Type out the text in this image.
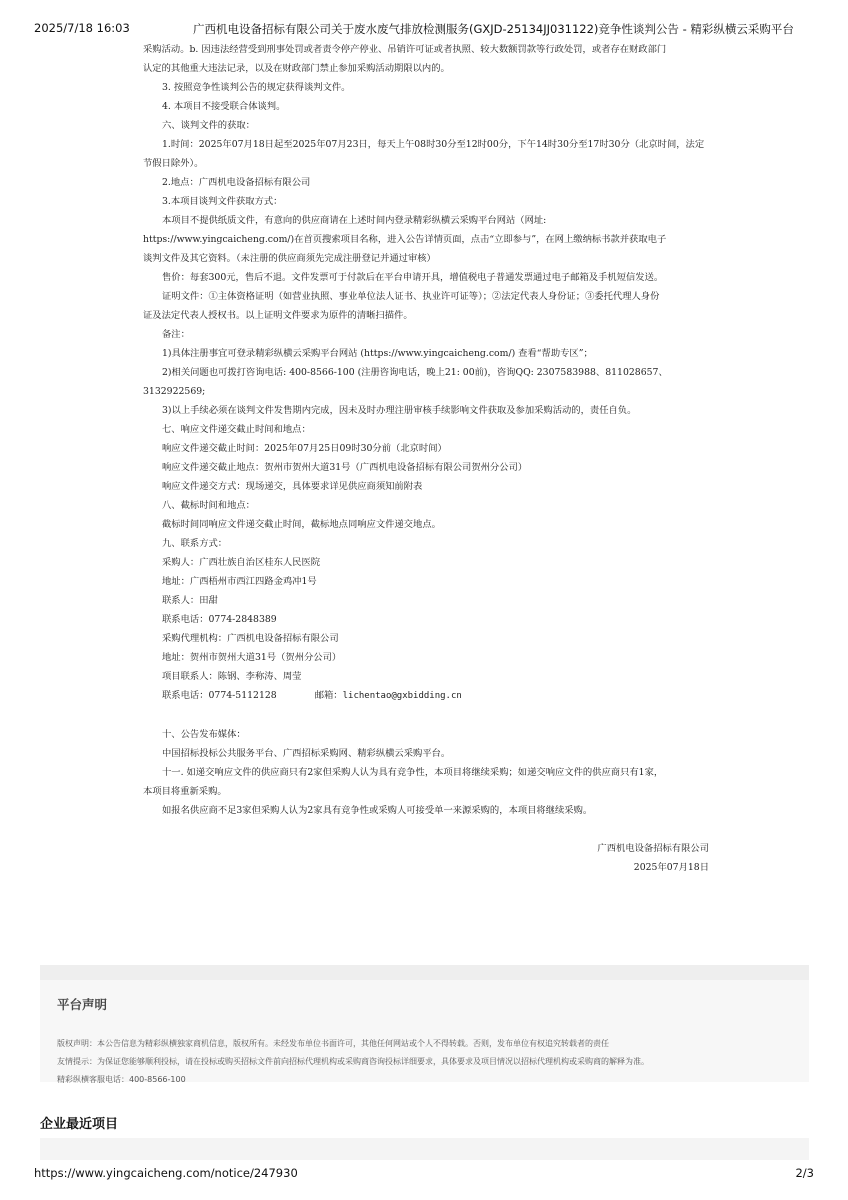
2025/7/18 16:03	广西机电设备招标有限公司关于废水废气排放检测服务(GXJD-25134JJ031122)竞争性谈判公告 - 精彩纵横云采购平台

采购活动。b. 因违法经营受到刑事处罚或者责令停产停业、吊销许可证或者执照、较大数额罚款等行政处罚，或者存在财政部门

认定的其他重大违法记录，以及在财政部门禁止参加采购活动期限以内的。

3. 按照竞争性谈判公告的规定获得谈判文件。

4. 本项目不接受联合体谈判。

六、谈判文件的获取：

1.时间：2025年07月18日起至2025年07月23日，每天上午08时30分至12时00分，下午14时30分至17时30分（北京时间，法定

节假日除外）。

2.地点：广西机电设备招标有限公司

3.本项目谈判文件获取方式：

本项目不提供纸质文件，有意向的供应商请在上述时间内登录精彩纵横云采购平台网站（网址:

https://www.yingcaicheng.com/)在首页搜索项目名称，进入公告详情页面，点击“立即参与”，在网上缴纳标书款并获取电子

谈判文件及其它资料。（未注册的供应商须先完成注册登记并通过审核）

售价：每套300元，售后不退。文件发票可于付款后在平台申请开具，增值税电子普通发票通过电子邮箱及手机短信发送。

证明文件：①主体资格证明（如营业执照、事业单位法人证书、执业许可证等）；②法定代表人身份证；③委托代理人身份

证及法定代表人授权书。以上证明文件要求为原件的清晰扫描件。

备注：

1)具体注册事宜可登录精彩纵横云采购平台网站 (https://www.yingcaicheng.com/) 查看“帮助专区”；

2)相关问题也可拨打咨询电话: 400-8566-100 (注册咨询电话，晚上21: 00前)，咨询QQ: 2307583988、811028657、

3132922569;

3)以上手续必须在谈判文件发售期内完成，因未及时办理注册审核手续影响文件获取及参加采购活动的，责任自负。

七、响应文件递交截止时间和地点：

响应文件递交截止时间：2025年07月25日09时30分前（北京时间）

响应文件递交截止地点：贺州市贺州大道31号（广西机电设备招标有限公司贺州分公司）

响应文件递交方式：现场递交，具体要求详见供应商须知前附表

八、截标时间和地点：

截标时间同响应文件递交截止时间，截标地点同响应文件递交地点。

九、联系方式：

采购人：广西壮族自治区桂东人民医院

地址：广西梧州市西江四路金鸡冲1号

联系人：田甜

联系电话：0774-2848389

采购代理机构：广西机电设备招标有限公司

地址：贺州市贺州大道31号（贺州分公司）

项目联系人：陈钢、李称涛、周莹

联系电话：0774-5112128	邮箱：lichentao@gxbidding.cn

十、公告发布媒体：

中国招标投标公共服务平台、广西招标采购网、精彩纵横云采购平台。

十一. 如递交响应文件的供应商只有2家但采购人认为具有竞争性，本项目将继续采购；如递交响应文件的供应商只有1家，

本项目将重新采购。

如报名供应商不足3家但采购人认为2家具有竞争性或采购人可接受单一来源采购的，本项目将继续采购。

广西机电设备招标有限公司

2025年07月18日

平台声明
版权声明：本公告信息为精彩纵横独家商机信息，版权所有。未经发布单位书面许可，其他任何网站或个人不得转载。否则，发布单位有权追究转载者的责任
友情提示：为保证您能够顺利投标，请在投标或购买招标文件前向招标代理机构或采购商咨询投标详细要求，具体要求及项目情况以招标代理机构或采购商的解释为准。
精彩纵横客服电话：400-8566-100
企业最近项目
https://www.yingcaicheng.com/notice/247930	2/3
